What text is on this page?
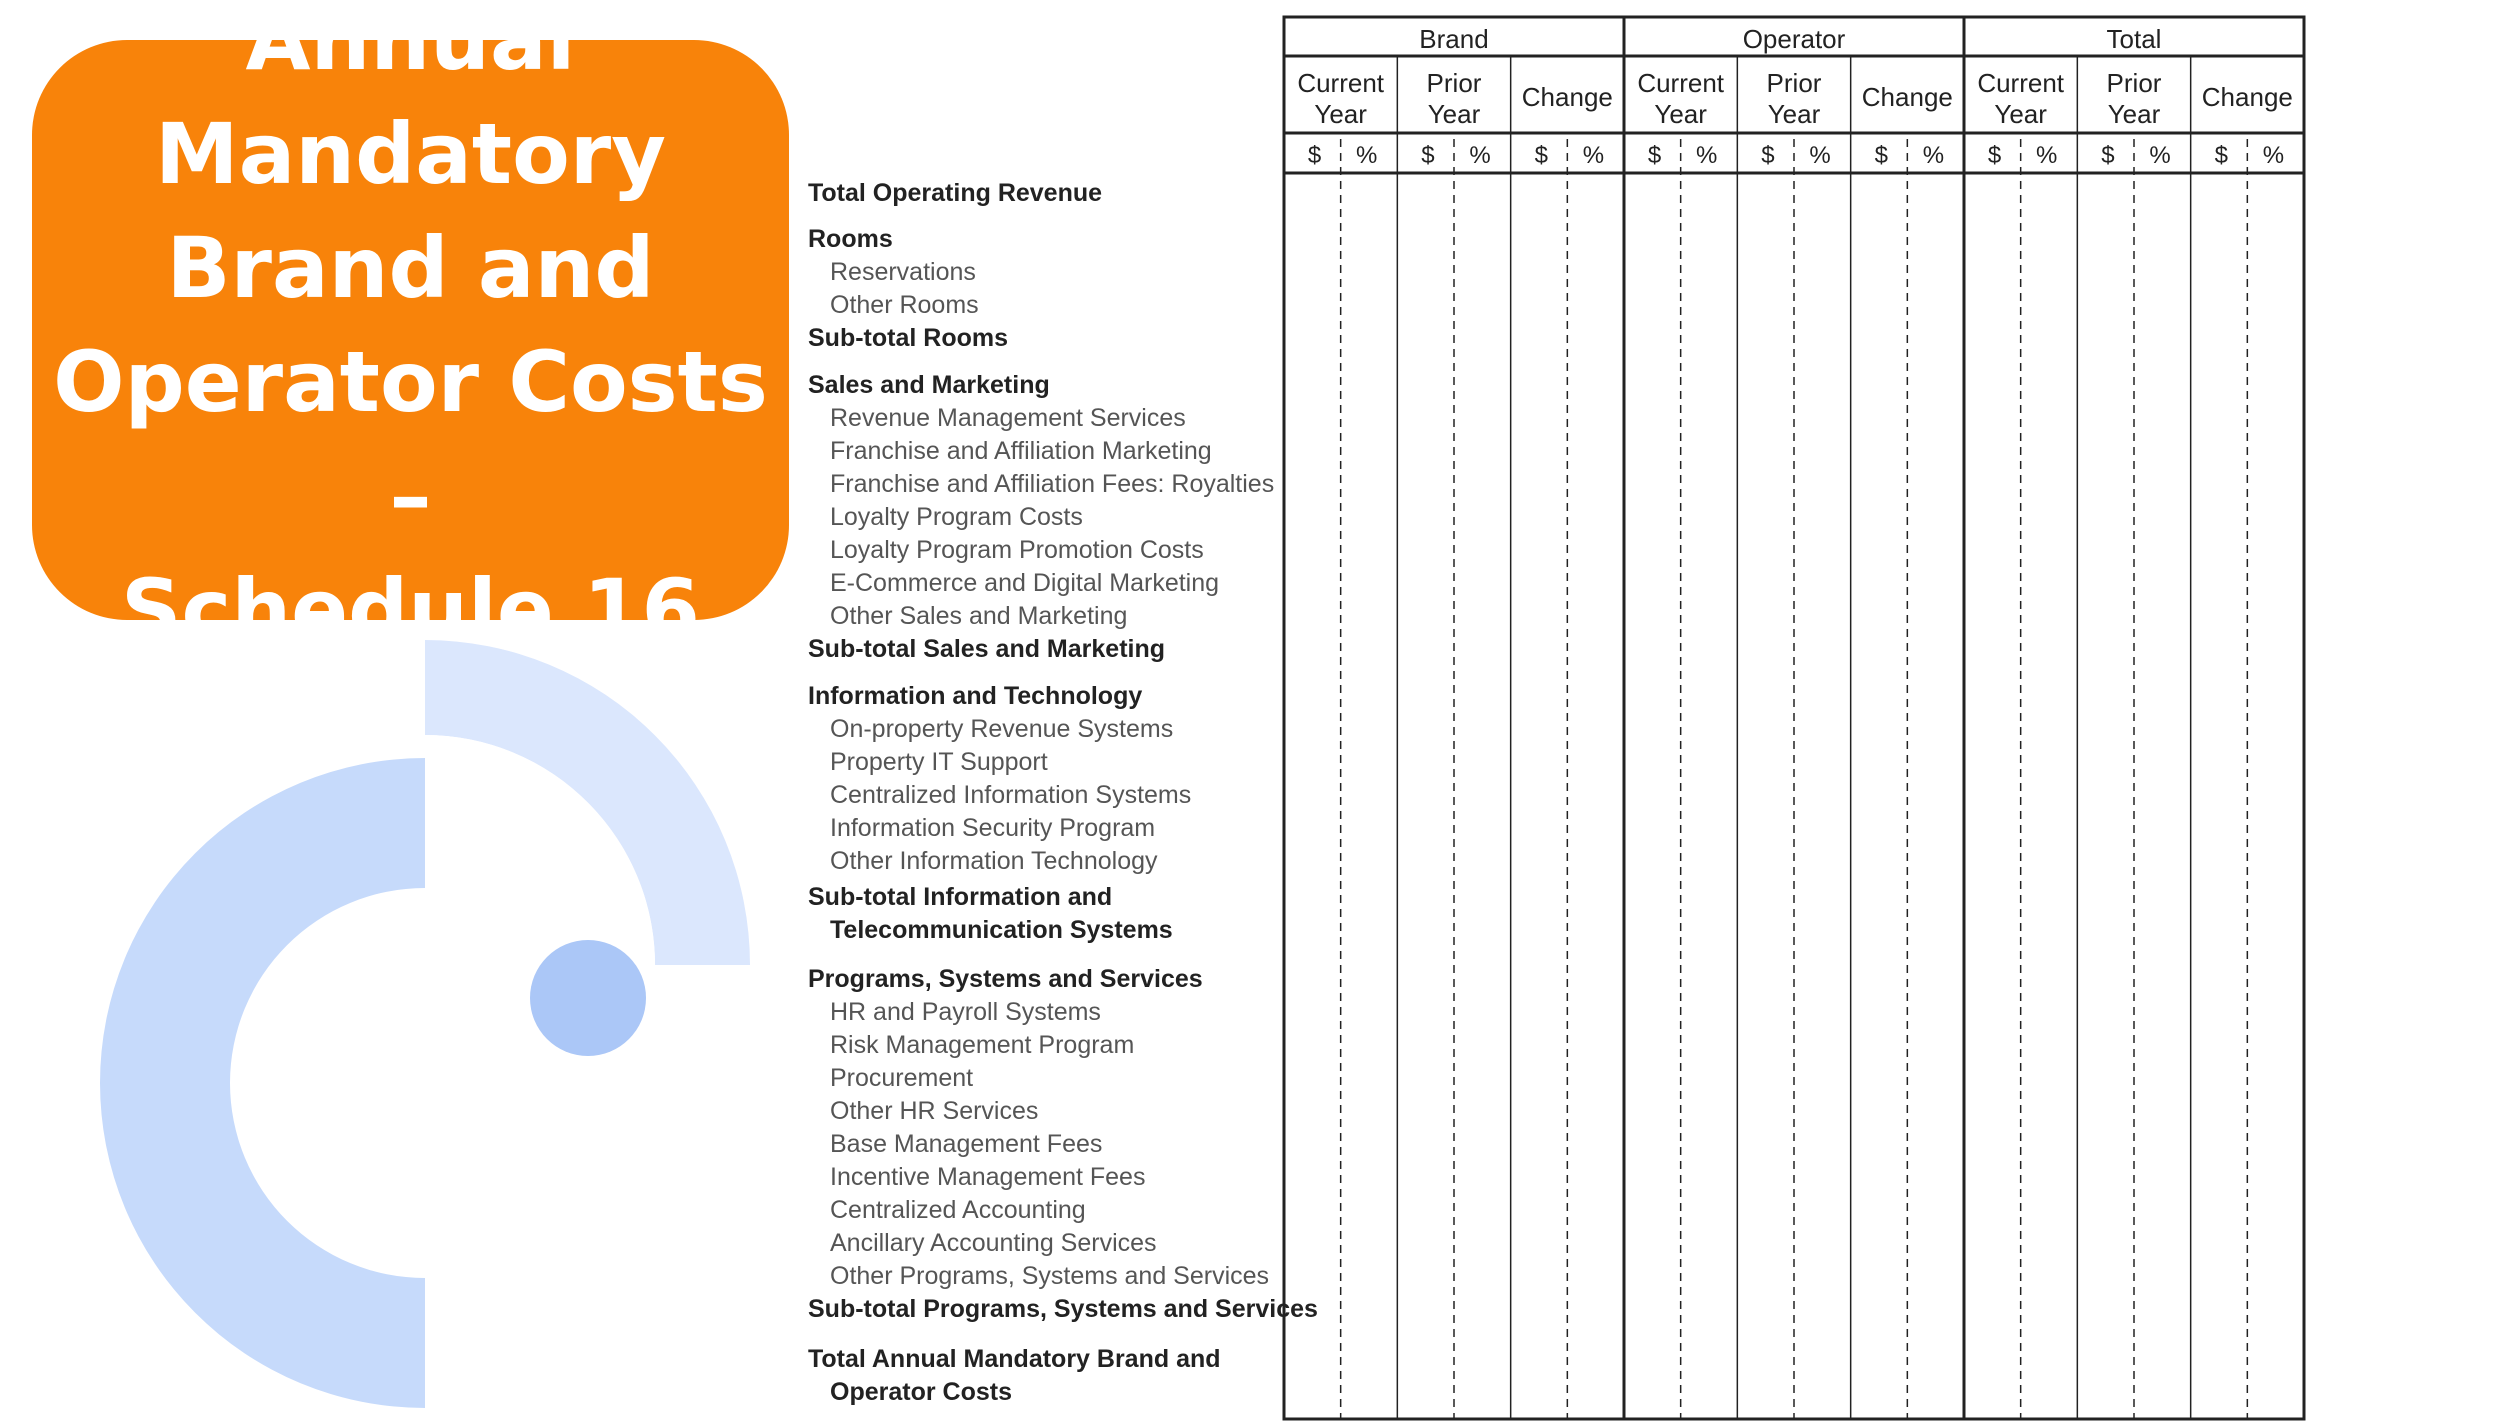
Annual
Mandatory
Brand and
Operator Costs –
Schedule 16
Total Operating Revenue
Rooms
Reservations
Other Rooms
Sub-total Rooms
Sales and Marketing
Revenue Management Services
Franchise and Affiliation Marketing
Franchise and Affiliation Fees: Royalties
Loyalty Program Costs
Loyalty Program Promotion Costs
E-Commerce and Digital Marketing
Other Sales and Marketing
Sub-total Sales and Marketing
Information and Technology
On-property Revenue Systems
Property IT Support
Centralized Information Systems
Information Security Program
Other Information Technology
Sub-total Information and
Telecommunication Systems
Programs, Systems and Services
HR and Payroll Systems
Risk Management Program
Procurement
Other HR Services
Base Management Fees
Incentive Management Fees
Centralized Accounting
Ancillary Accounting Services
Other Programs, Systems and Services
Sub-total Programs, Systems and Services
Total Annual Mandatory Brand and
Operator Costs
Brand	Operator	Total
Current
Year
$ %
Prior
Year
$ %
Change
$ %
Current
Year
$ %
Prior
Year
$ %
Change
$ %
Current
Year
$ %
Prior
Year
$ %
Change
$ %
